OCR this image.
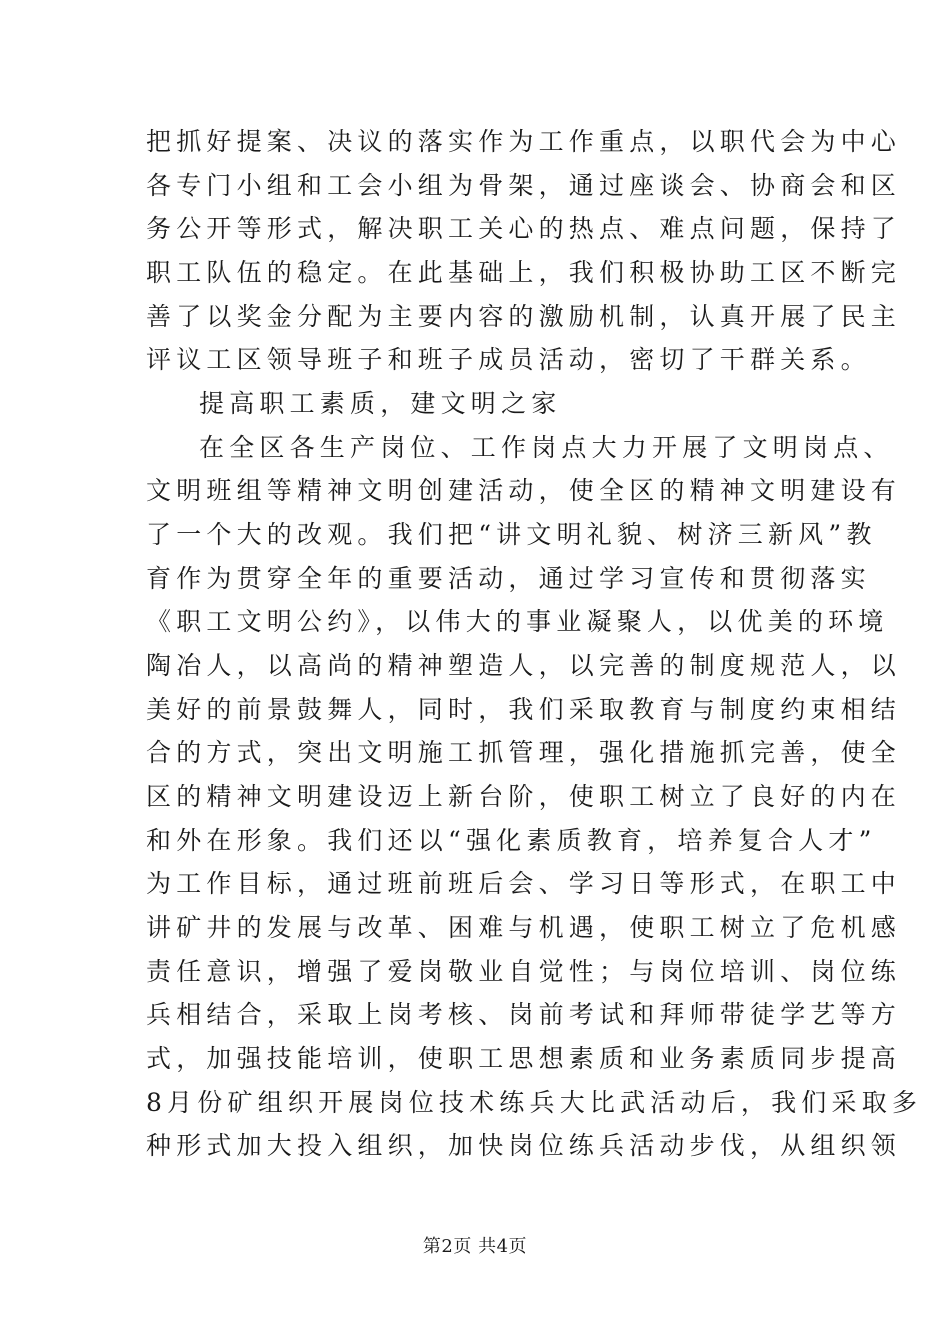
把抓好提案、决议的落实作为工作重点，以职代会为中心
各专门小组和工会小组为骨架，通过座谈会、协商会和区
务公开等形式，解决职工关心的热点、难点问题，保持了
职工队伍的稳定。在此基础上，我们积极协助工区不断完
善了以奖金分配为主要内容的激励机制，认真开展了民主
评议工区领导班子和班子成员活动，密切了干群关系。
提高职工素质，建文明之家
在全区各生产岗位、工作岗点大力开展了文明岗点、
文明班组等精神文明创建活动，使全区的精神文明建设有
了一个大的改观。我们把“讲文明礼貌、树济三新风”教
育作为贯穿全年的重要活动，通过学习宣传和贯彻落实
《职工文明公约》，以伟大的事业凝聚人，以优美的环境
陶冶人，以高尚的精神塑造人，以完善的制度规范人，以
美好的前景鼓舞人，同时，我们采取教育与制度约束相结
合的方式，突出文明施工抓管理，强化措施抓完善，使全
区的精神文明建设迈上新台阶，使职工树立了良好的内在
和外在形象。我们还以“强化素质教育，培养复合人才”
为工作目标，通过班前班后会、学习日等形式，在职工中
讲矿井的发展与改革、困难与机遇，使职工树立了危机感
责任意识，增强了爱岗敬业自觉性；与岗位培训、岗位练
兵相结合，采取上岗考核、岗前考试和拜师带徒学艺等方
式，加强技能培训，使职工思想素质和业务素质同步提高
8月份矿组织开展岗位技术练兵大比武活动后，我们采取多
种形式加大投入组织，加快岗位练兵活动步伐，从组织领
第2页 共4页
